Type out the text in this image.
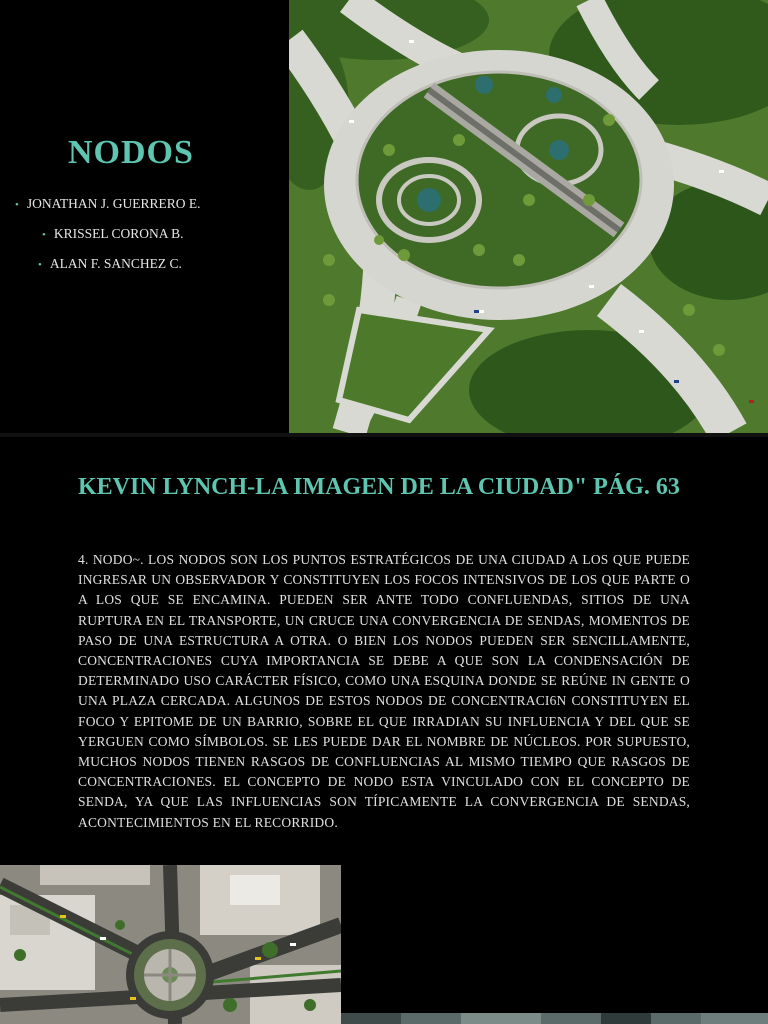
NODOS
• JONATHAN J. GUERRERO E.
• KRISSEL CORONA B.
• ALAN F. SANCHEZ C.
KEVIN LYNCH-LA IMAGEN DE LA CIUDAD" PÁG. 63

4. NODO~. LOS NODOS SON LOS PUNTOS ESTRATÉGICOS DE UNA CIUDAD A LOS QUE PUEDE INGRESAR UN OBSERVADOR Y CONSTITUYEN LOS FOCOS INTENSIVOS DE LOS QUE PARTE O A LOS QUE SE ENCAMINA. PUEDEN SER ANTE TODO CONFLUENDAS, SITIOS DE UNA RUPTURA EN EL TRANSPORTE, UN CRUCE UNA CONVERGENCIA DE SENDAS, MOMENTOS DE PASO DE UNA ESTRUCTURA A OTRA. O BIEN LOS NODOS PUEDEN SER SENCILLAMENTE, CONCENTRACIONES CUYA IMPORTANCIA SE DEBE A QUE SON LA CONDENSACIÓN DE DETERMINADO USO CARÁCTER FÍSICO, COMO UNA ESQUINA DONDE SE REÚNE IN GENTE O UNA PLAZA CERCADA. ALGUNOS DE ESTOS NODOS DE CONCENTRACI6N CONSTITUYEN EL FOCO Y EPITOME DE UN BARRIO, SOBRE EL QUE IRRADIAN SU INFLUENCIA Y DEL QUE SE YERGUEN COMO SÍMBOLOS. SE LES PUEDE DAR EL NOMBRE DE NÚCLEOS. POR SUPUESTO, MUCHOS NODOS TIENEN RASGOS DE CONFLUENCIAS AL MISMO TIEMPO QUE RASGOS DE CONCENTRACIONES. EL CONCEPTO DE NODO ESTA VINCULADO CON EL CONCEPTO DE SENDA, YA QUE LAS INFLUENCIAS SON TÍPICAMENTE LA CONVERGENCIA DE SENDAS, ACONTECIMIENTOS EN EL RECORRIDO.
